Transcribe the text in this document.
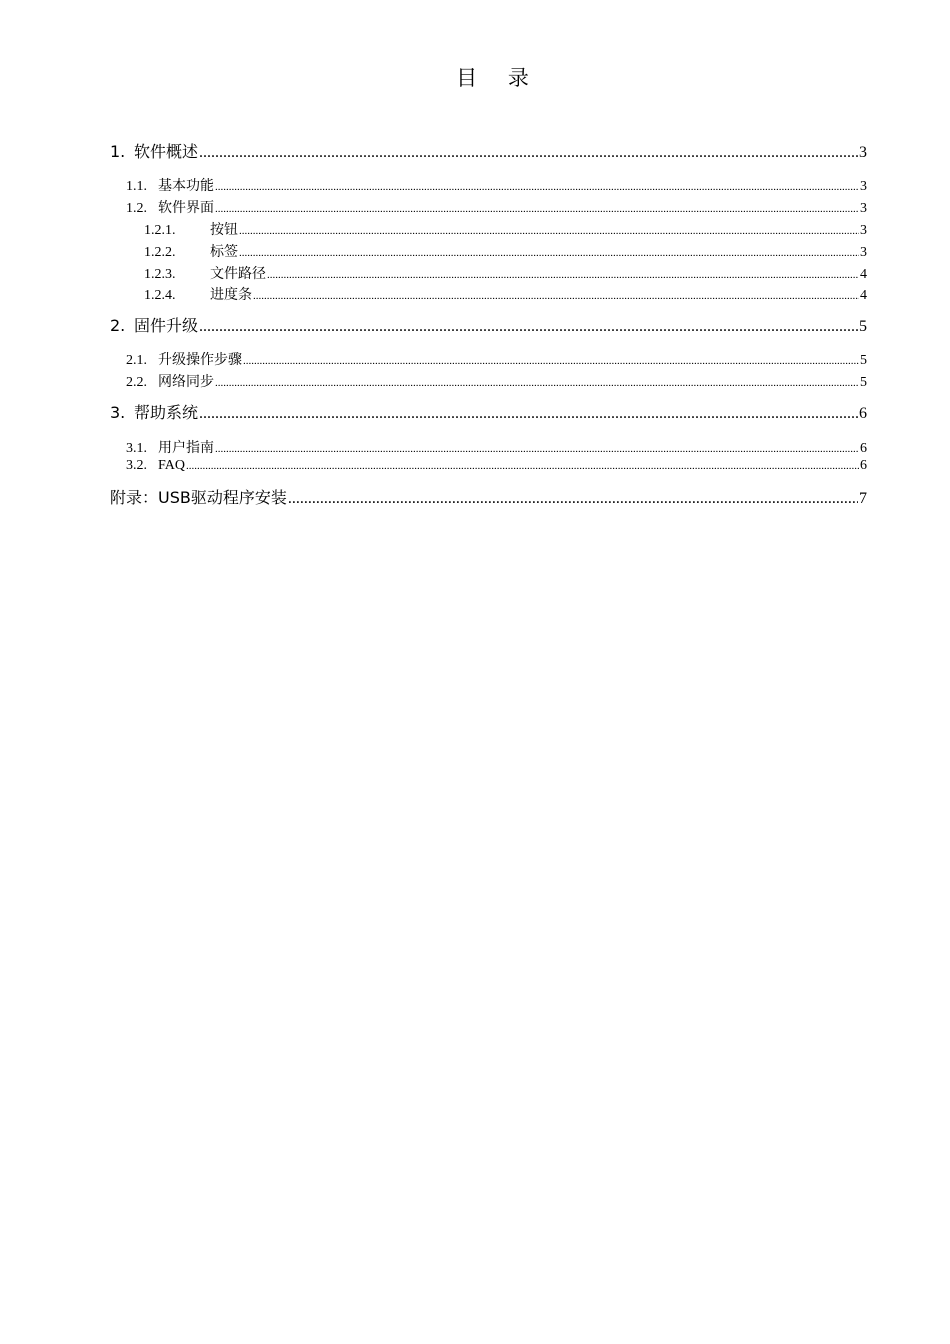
目 录
1. 软件概述 .....	3
1.1. 基本功能 .....	3
1.2. 软件界面 .....	3
1.2.1.	按钮 .....	3
1.2.2.	标签 .....	3
1.2.3.	文件路径 .....	4
1.2.4.	进度条 .....	4
2. 固件升级 .....	5
2.1. 升级操作步骤 .....	5
2.2. 网络同步 .....	5
3. 帮助系统 .....	6
3.1. 用户指南 .....	6
3.2. FAQ .....	6
附录：USB驱动程序安装 .....	7
